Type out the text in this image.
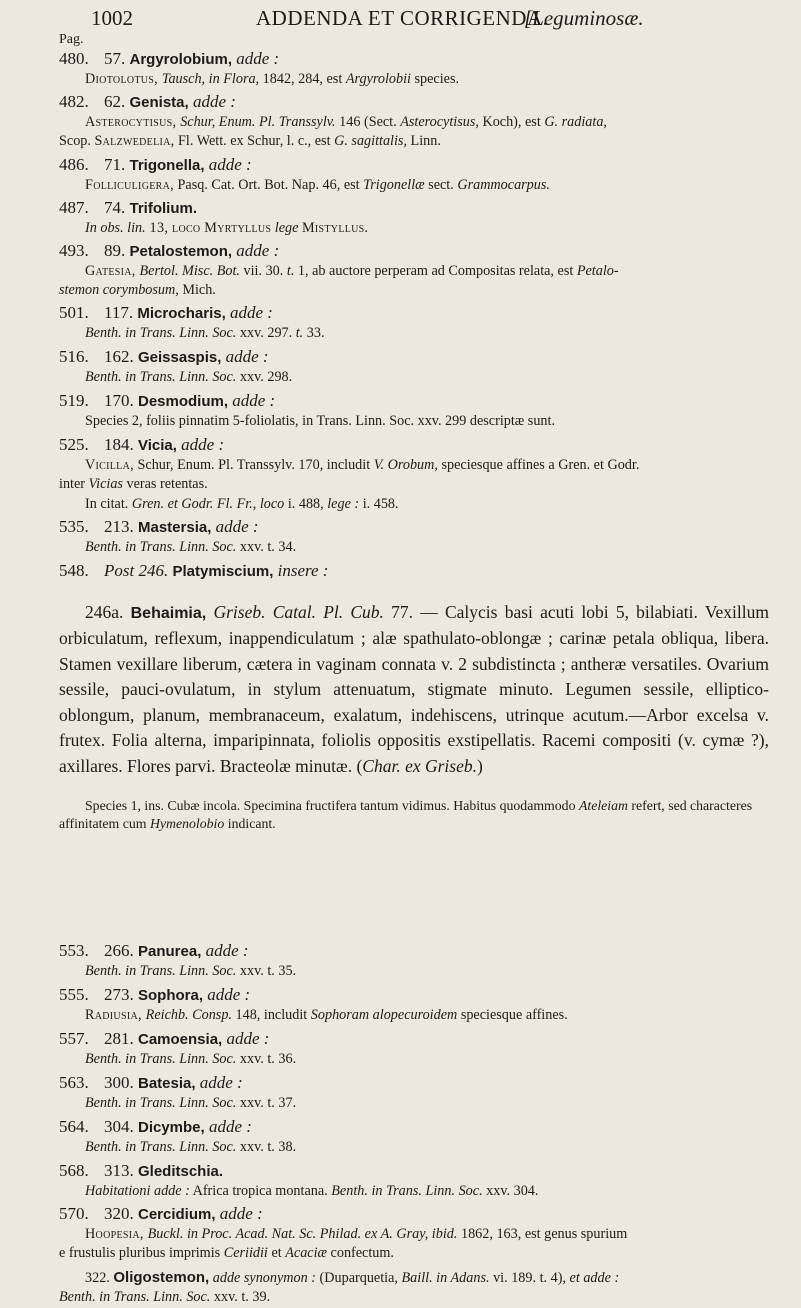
1002	ADDENDA ET CORRIGENDA.
[Leguminosæ.
Pag.
480. 57. Argyrolobium, adde :

Diotolotus, Tausch, in Flora, 1842, 284, est Argyrolobii species.

482. 62. Genista, adde :

Asterocytisus, Schur, Enum. Pl. Transsylv. 146 (Sect. Asterocytisus, Koch), est G. radiata,

Scop. Salzwedelia, Fl. Wett. ex Schur, l. c., est G. sagittalis, Linn.

486. 71. Trigonella, adde :

Folliculigera, Pasq. Cat. Ort. Bot. Nap. 46, est Trigonellæ sect. Grammocarpus.

487. 74. Trifolium.

In obs. lin. 13, loco Myrtyllus lege Mistyllus.

493. 89. Petalostemon, adde :

Gatesia, Bertol. Misc. Bot. vii. 30. t. 1, ab auctore perperam ad Compositas relata, est Petalo-

stemon corymbosum, Mich.

501. 117. Microcharis, adde :

Benth. in Trans. Linn. Soc. xxv. 297. t. 33.

516. 162. Geissaspis, adde :

Benth. in Trans. Linn. Soc. xxv. 298.

519. 170. Desmodium, adde :

Species 2, foliis pinnatim 5-foliolatis, in Trans. Linn. Soc. xxv. 299 descriptæ sunt.

525. 184. Vicia, adde :

Vicilla, Schur, Enum. Pl. Transsylv. 170, includit V. Orobum, speciesque affines a Gren. et Godr.

inter Vicias veras retentas.

In citat. Gren. et Godr. Fl. Fr., loco i. 488, lege : i. 458.

535. 213. Mastersia, adde :

Benth. in Trans. Linn. Soc. xxv. t. 34.

548. Post 246. Platymiscium, insere :

246a. Behaimia, Griseb. Catal. Pl. Cub. 77. — Calycis basi acuti lobi 5, bilabiati. Vexillum orbiculatum, reflexum, inappendiculatum ; alæ spathulato-oblongæ ; carinæ petala obliqua, libera. Stamen vexillare liberum, cætera in vaginam connata v. 2 subdistincta ; antheræ versatiles. Ovarium sessile, pauci-ovulatum, in stylum attenuatum, stigmate minuto. Legumen sessile, elliptico-oblongum, planum, membranaceum, exalatum, indehiscens, utrinque acutum.—Arbor excelsa v. frutex. Folia alterna, imparipinnata, foliolis oppositis exstipellatis. Racemi compositi (v. cymæ ?), axillares. Flores parvi. Bracteolæ minutæ. (Char. ex Griseb.)

Species 1, ins. Cubæ incola. Specimina fructifera tantum vidimus. Habitus quodammodo Ateleiam refert, sed characteres affinitatem cum Hymenolobio indicant.

553. 266. Panurea, adde :

Benth. in Trans. Linn. Soc. xxv. t. 35.

555. 273. Sophora, adde :

Radiusia, Reichb. Consp. 148, includit Sophoram alopecuroidem speciesque affines.

557. 281. Camoensia, adde :

Benth. in Trans. Linn. Soc. xxv. t. 36.

563. 300. Batesia, adde :

Benth. in Trans. Linn. Soc. xxv. t. 37.

564. 304. Dicymbe, adde :

Benth. in Trans. Linn. Soc. xxv. t. 38.

568. 313. Gleditschia.

Habitationi adde : Africa tropica montana. Benth. in Trans. Linn. Soc. xxv. 304.

570. 320. Cercidium, adde :

Hoopesia, Buckl. in Proc. Acad. Nat. Sc. Philad. ex A. Gray, ibid. 1862, 163, est genus spurium

e frustulis pluribus imprimis Ceriidii et Acaciæ confectum.

322. Oligostemon, adde synonymon : (Duparquetia, Baill. in Adans. vi. 189. t. 4), et adde :

Benth. in Trans. Linn. Soc. xxv. t. 39.
